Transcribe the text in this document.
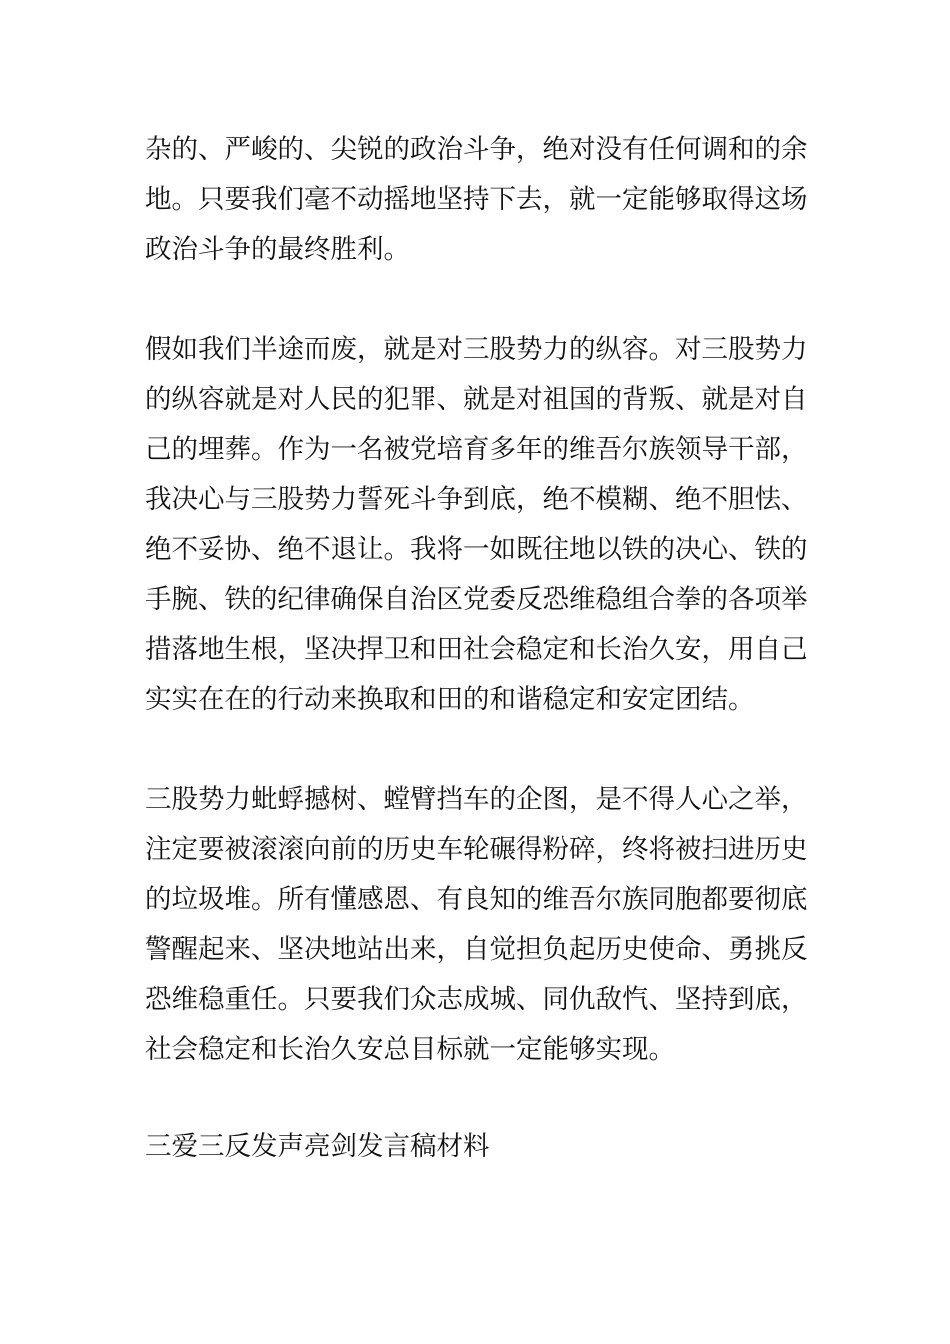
杂的、严峻的、尖锐的政治斗争，绝对没有任何调和的余
地。只要我们毫不动摇地坚持下去，就一定能够取得这场
政治斗争的最终胜利。
假如我们半途而废，就是对三股势力的纵容。对三股势力
的纵容就是对人民的犯罪、就是对祖国的背叛、就是对自
己的埋葬。作为一名被党培育多年的维吾尔族领导干部，
我决心与三股势力誓死斗争到底，绝不模糊、绝不胆怯、
绝不妥协、绝不退让。我将一如既往地以铁的决心、铁的
手腕、铁的纪律确保自治区党委反恐维稳组合拳的各项举
措落地生根，坚决捍卫和田社会稳定和长治久安，用自己
实实在在的行动来换取和田的和谐稳定和安定团结。
三股势力蚍蜉撼树、螳臂挡车的企图，是不得人心之举，
注定要被滚滚向前的历史车轮碾得粉碎，终将被扫进历史
的垃圾堆。所有懂感恩、有良知的维吾尔族同胞都要彻底
警醒起来、坚决地站出来，自觉担负起历史使命、勇挑反
恐维稳重任。只要我们众志成城、同仇敌忾、坚持到底，
社会稳定和长治久安总目标就一定能够实现。
三爱三反发声亮剑发言稿材料
